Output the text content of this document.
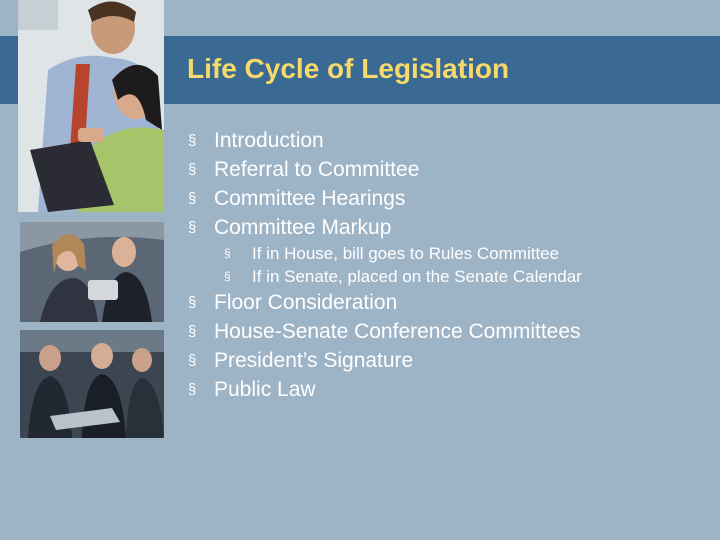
Life Cycle of Legislation
§ Introduction
§ Referral to Committee
§ Committee Hearings
§ Committee Markup
§ If in House, bill goes to Rules Committee
§ If in Senate, placed on the Senate Calendar
§ Floor Consideration
§ House-Senate Conference Committees
§ President’s Signature
§ Public Law
